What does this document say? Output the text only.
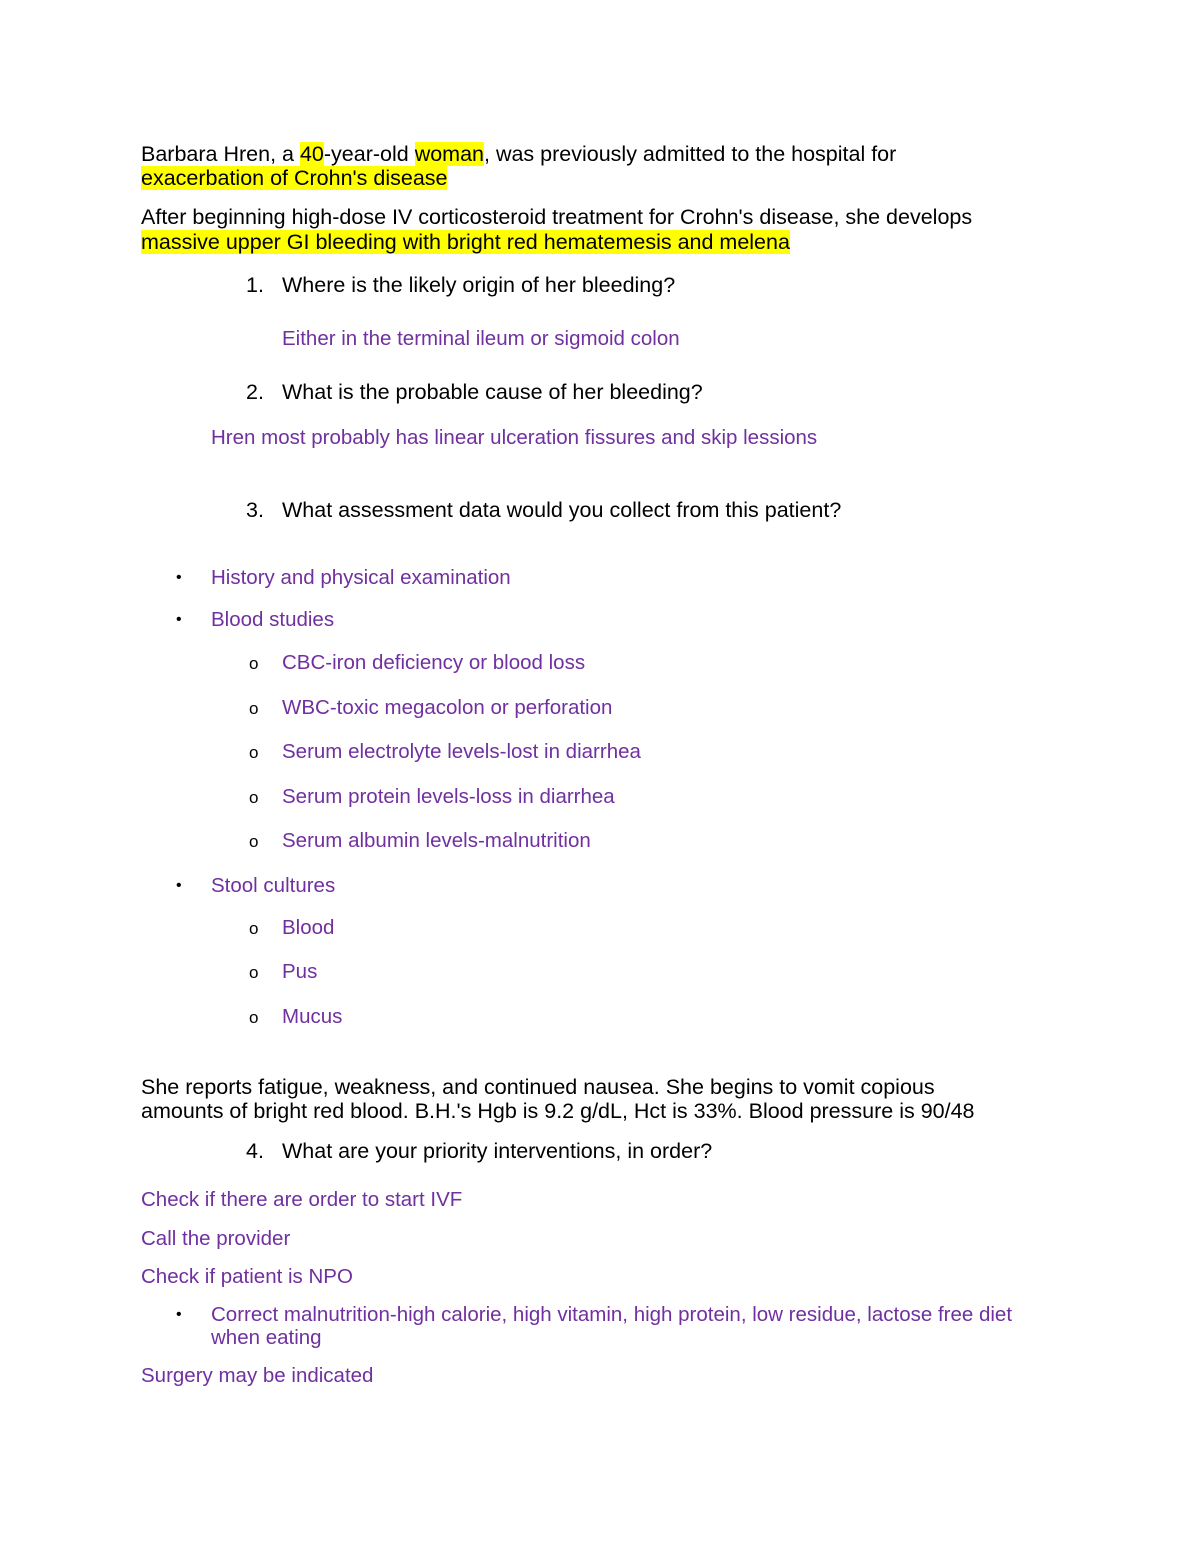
Barbara Hren, a 40-year-old woman, was previously admitted to the hospital for
exacerbation of Crohn's disease
After beginning high-dose IV corticosteroid treatment for Crohn's disease, she develops
massive upper GI bleeding with bright red hematemesis and melena
1. Where is the likely origin of her bleeding?
Either in the terminal ileum or sigmoid colon
2. What is the probable cause of her bleeding?
Hren most probably has linear ulceration fissures and skip lessions
3. What assessment data would you collect from this patient?
• History and physical examination
• Blood studies
o CBC-iron deficiency or blood loss
o WBC-toxic megacolon or perforation
o Serum electrolyte levels-lost in diarrhea
o Serum protein levels-loss in diarrhea
o Serum albumin levels-malnutrition
• Stool cultures
o Blood
o Pus
o Mucus
She reports fatigue, weakness, and continued nausea. She begins to vomit copious
amounts of bright red blood. B.H.'s Hgb is 9.2 g/dL, Hct is 33%. Blood pressure is 90/48
4. What are your priority interventions, in order?
Check if there are order to start IVF
Call the provider
Check if patient is NPO
• Correct malnutrition-high calorie, high vitamin, high protein, low residue, lactose free diet
when eating
Surgery may be indicated
